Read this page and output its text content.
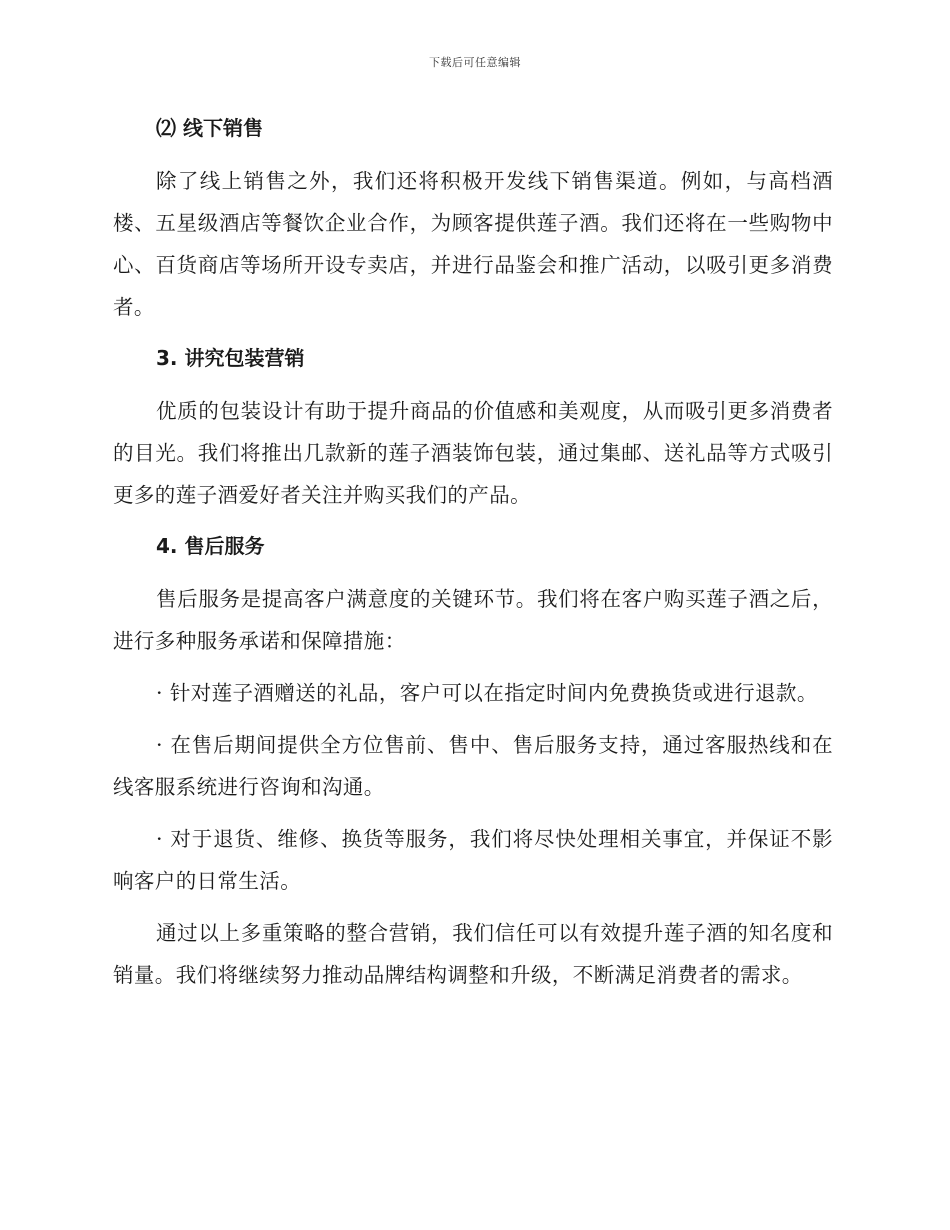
下载后可任意编辑
⑵ 线下销售

除了线上销售之外，我们还将积极开发线下销售渠道。例如，与高档酒楼、五星级酒店等餐饮企业合作，为顾客提供莲子酒。我们还将在一些购物中心、百货商店等场所开设专卖店，并进行品鉴会和推广活动，以吸引更多消费者。

3. 讲究包装营销

优质的包装设计有助于提升商品的价值感和美观度，从而吸引更多消费者的目光。我们将推出几款新的莲子酒装饰包装，通过集邮、送礼品等方式吸引更多的莲子酒爱好者关注并购买我们的产品。

4. 售后服务

售后服务是提高客户满意度的关键环节。我们将在客户购买莲子酒之后，进行多种服务承诺和保障措施：

· 针对莲子酒赠送的礼品，客户可以在指定时间内免费换货或进行退款。

· 在售后期间提供全方位售前、售中、售后服务支持，通过客服热线和在线客服系统进行咨询和沟通。

· 对于退货、维修、换货等服务，我们将尽快处理相关事宜，并保证不影响客户的日常生活。

通过以上多重策略的整合营销，我们信任可以有效提升莲子酒的知名度和销量。我们将继续努力推动品牌结构调整和升级，不断满足消费者的需求。
